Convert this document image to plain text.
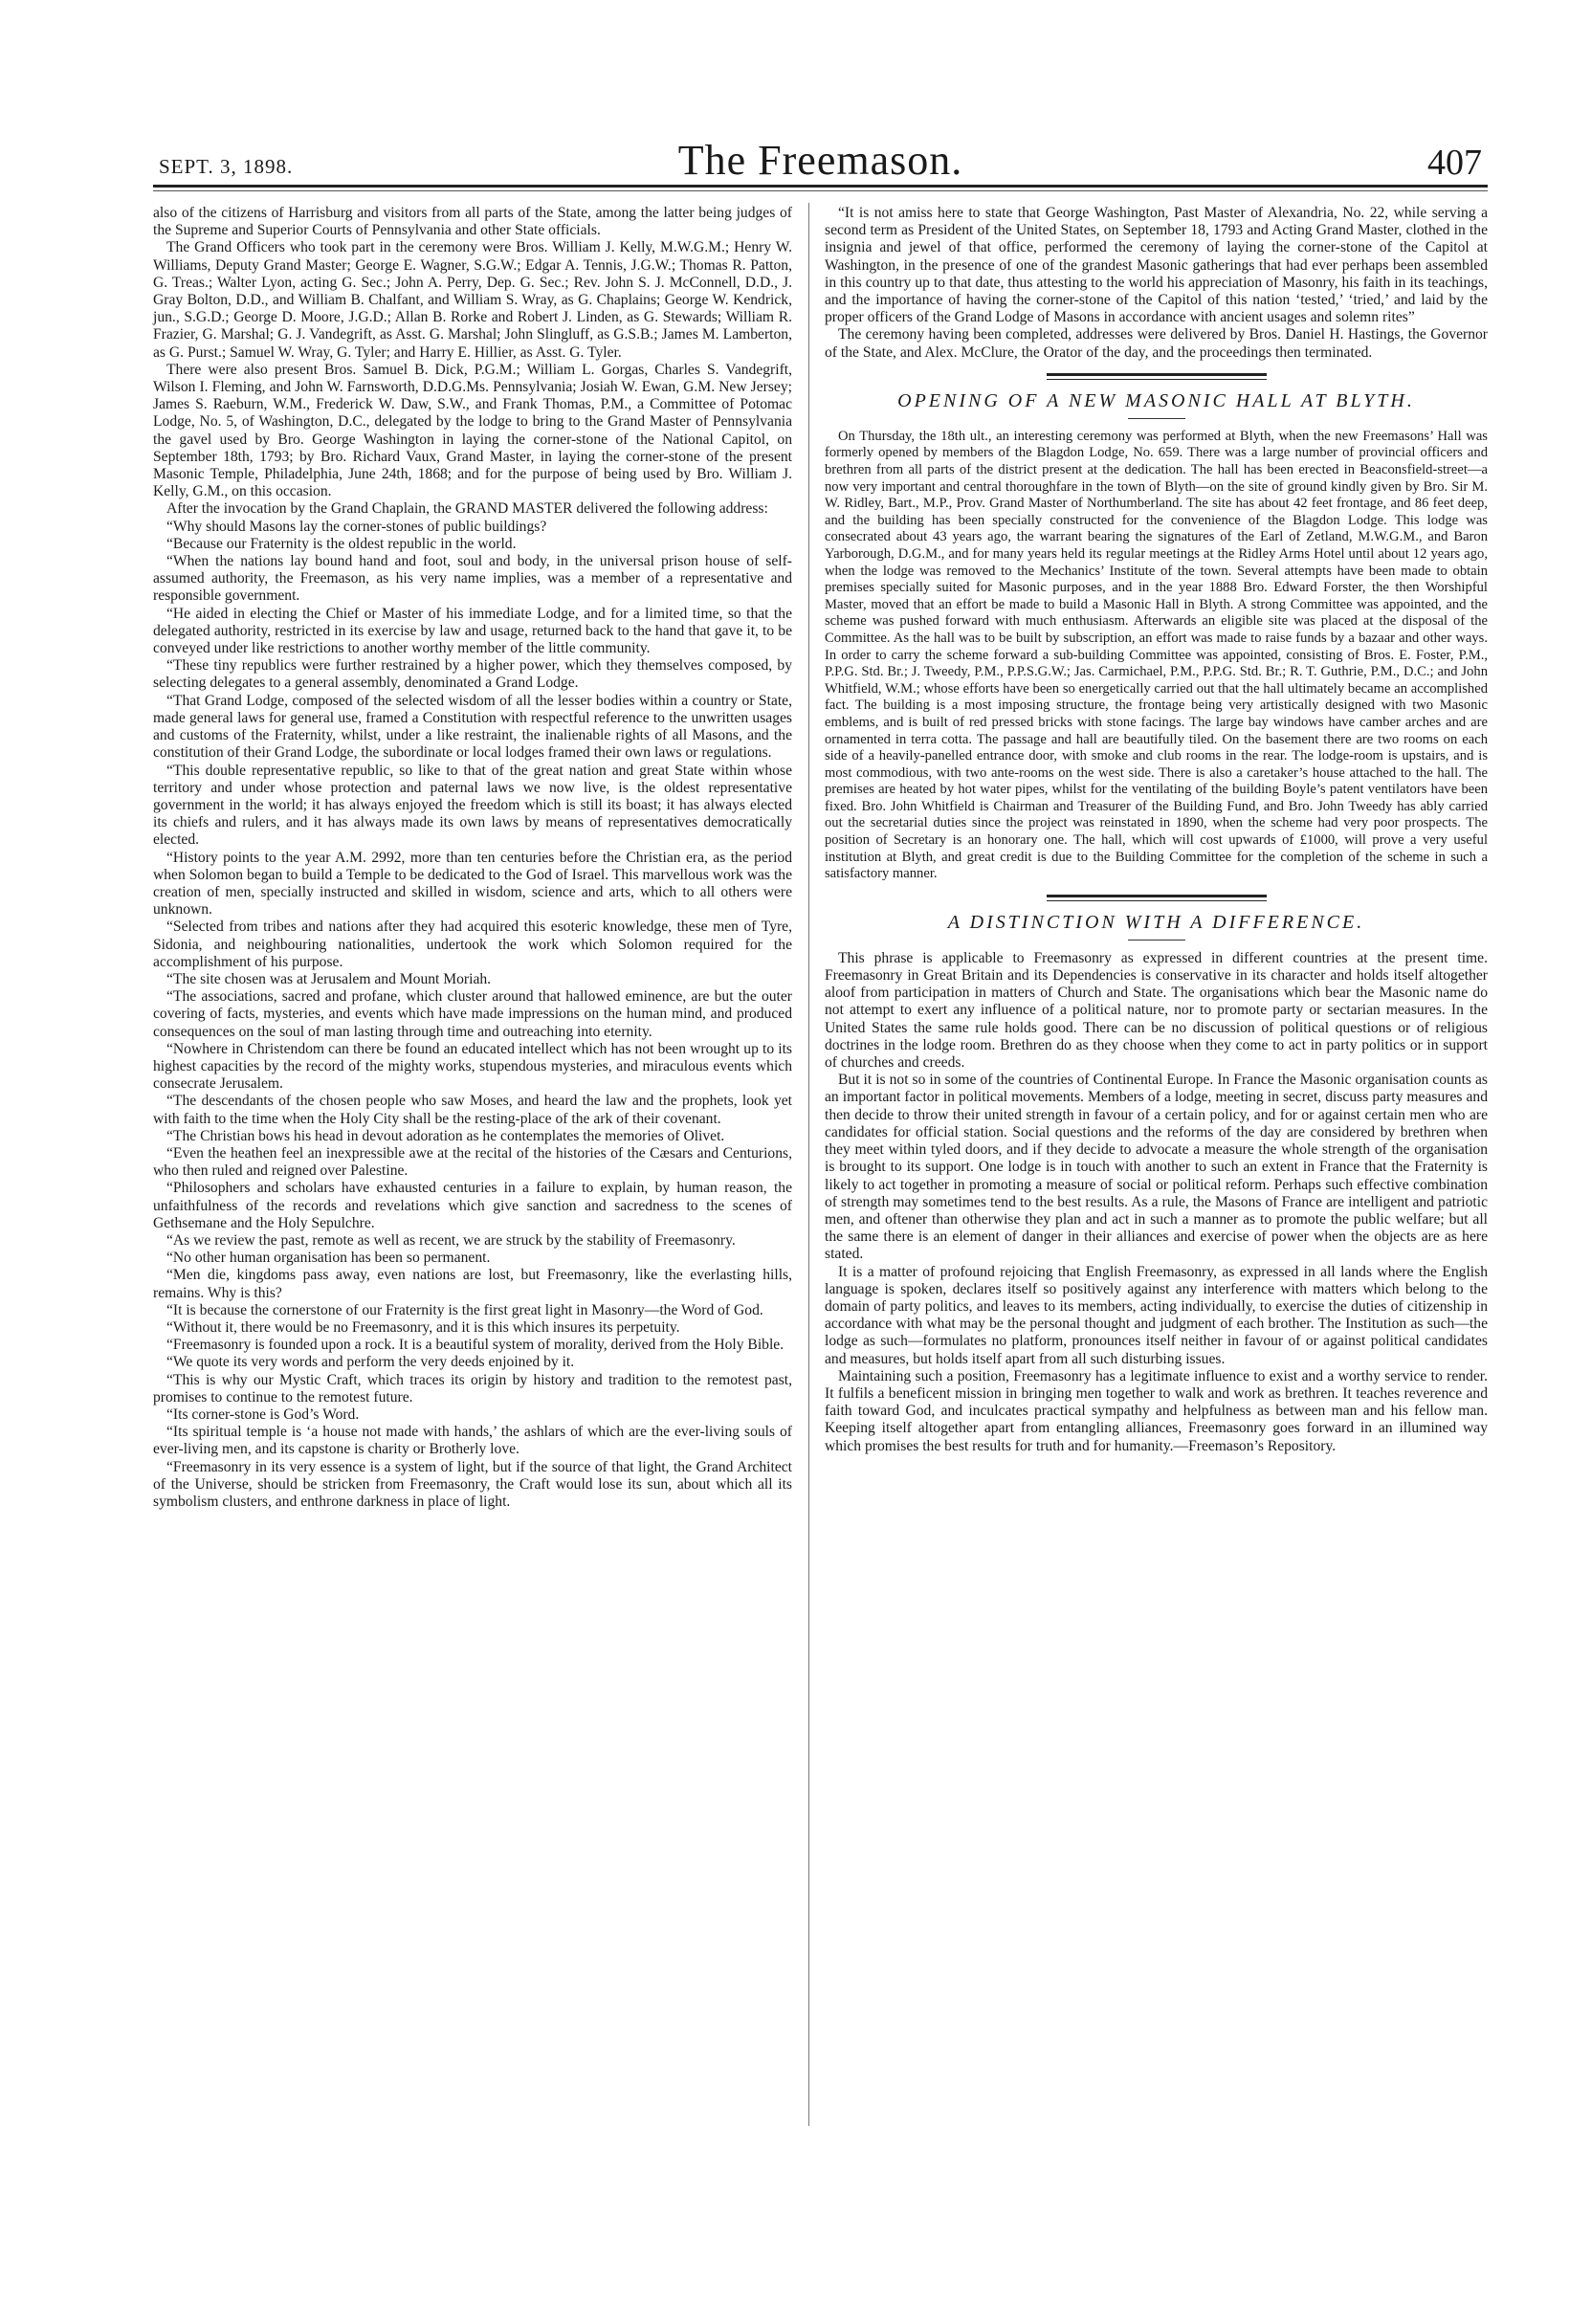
SEPT. 3, 1898.	The Freemason.	407

also of the citizens of Harrisburg and visitors from all parts of the State, among the latter being judges of the Supreme and Superior Courts of Pennsylvania and other State officials.

The Grand Officers who took part in the ceremony were Bros. William J. Kelly, M.W.G.M.; Henry W. Williams, Deputy Grand Master; George E. Wagner, S.G.W.; Edgar A. Tennis, J.G.W.; Thomas R. Patton, G. Treas.; Walter Lyon, acting G. Sec.; John A. Perry, Dep. G. Sec.; Rev. John S. J. McConnell, D.D., J. Gray Bolton, D.D., and William B. Chalfant, and William S. Wray, as G. Chaplains; George W. Kendrick, jun., S.G.D.; George D. Moore, J.G.D.; Allan B. Rorke and Robert J. Linden, as G. Stewards; William R. Frazier, G. Marshal; G. J. Vandegrift, as Asst. G. Marshal; John Slingluff, as G.S.B.; James M. Lamberton, as G. Purst.; Samuel W. Wray, G. Tyler; and Harry E. Hillier, as Asst. G. Tyler.

There were also present Bros. Samuel B. Dick, P.G.M.; William L. Gorgas, Charles S. Vandegrift, Wilson I. Fleming, and John W. Farnsworth, D.D.G.Ms. Pennsylvania; Josiah W. Ewan, G.M. New Jersey; James S. Raeburn, W.M., Frederick W. Daw, S.W., and Frank Thomas, P.M., a Committee of Potomac Lodge, No. 5, of Washington, D.C., delegated by the lodge to bring to the Grand Master of Pennsylvania the gavel used by Bro. George Washington in laying the corner-stone of the National Capitol, on September 18th, 1793; by Bro. Richard Vaux, Grand Master, in laying the corner-stone of the present Masonic Temple, Philadelphia, June 24th, 1868; and for the purpose of being used by Bro. William J. Kelly, G.M., on this occasion.

After the invocation by the Grand Chaplain, the GRAND MASTER delivered the following address:

“Why should Masons lay the corner-stones of public buildings?

“Because our Fraternity is the oldest republic in the world.

“When the nations lay bound hand and foot, soul and body, in the universal prison house of self-assumed authority, the Freemason, as his very name implies, was a member of a representative and responsible government.

“He aided in electing the Chief or Master of his immediate Lodge, and for a limited time, so that the delegated authority, restricted in its exercise by law and usage, returned back to the hand that gave it, to be conveyed under like restrictions to another worthy member of the little community.

“These tiny republics were further restrained by a higher power, which they themselves composed, by selecting delegates to a general assembly, denominated a Grand Lodge.

“That Grand Lodge, composed of the selected wisdom of all the lesser bodies within a country or State, made general laws for general use, framed a Constitution with respectful reference to the unwritten usages and customs of the Fraternity, whilst, under a like restraint, the inalienable rights of all Masons, and the constitution of their Grand Lodge, the subordinate or local lodges framed their own laws or regulations.

“This double representative republic, so like to that of the great nation and great State within whose territory and under whose protection and paternal laws we now live, is the oldest representative government in the world; it has always enjoyed the freedom which is still its boast; it has always elected its chiefs and rulers, and it has always made its own laws by means of representatives democratically elected.

“History points to the year A.M. 2992, more than ten centuries before the Christian era, as the period when Solomon began to build a Temple to be dedicated to the God of Israel. This marvellous work was the creation of men, specially instructed and skilled in wisdom, science and arts, which to all others were unknown.

“Selected from tribes and nations after they had acquired this esoteric knowledge, these men of Tyre, Sidonia, and neighbouring nationalities, undertook the work which Solomon required for the accomplishment of his purpose.

“The site chosen was at Jerusalem and Mount Moriah.

“The associations, sacred and profane, which cluster around that hallowed eminence, are but the outer covering of facts, mysteries, and events which have made impressions on the human mind, and produced consequences on the soul of man lasting through time and outreaching into eternity.

“Nowhere in Christendom can there be found an educated intellect which has not been wrought up to its highest capacities by the record of the mighty works, stupendous mysteries, and miraculous events which consecrate Jerusalem.

“The descendants of the chosen people who saw Moses, and heard the law and the prophets, look yet with faith to the time when the Holy City shall be the resting-place of the ark of their covenant.

“The Christian bows his head in devout adoration as he contemplates the memories of Olivet.

“Even the heathen feel an inexpressible awe at the recital of the histories of the Cæsars and Centurions, who then ruled and reigned over Palestine.

“Philosophers and scholars have exhausted centuries in a failure to explain, by human reason, the unfaithfulness of the records and revelations which give sanction and sacredness to the scenes of Gethsemane and the Holy Sepulchre.

“As we review the past, remote as well as recent, we are struck by the stability of Freemasonry.

“No other human organisation has been so permanent.

“Men die, kingdoms pass away, even nations are lost, but Freemasonry, like the everlasting hills, remains. Why is this?

“It is because the cornerstone of our Fraternity is the first great light in Masonry—the Word of God.

“Without it, there would be no Freemasonry, and it is this which insures its perpetuity.

“Freemasonry is founded upon a rock. It is a beautiful system of morality, derived from the Holy Bible.

“We quote its very words and perform the very deeds enjoined by it.

“This is why our Mystic Craft, which traces its origin by history and tradition to the remotest past, promises to continue to the remotest future.

“Its corner-stone is God’s Word.

“Its spiritual temple is ‘a house not made with hands,’ the ashlars of which are the ever-living souls of ever-living men, and its capstone is charity or Brotherly love.

“Freemasonry in its very essence is a system of light, but if the source of that light, the Grand Architect of the Universe, should be stricken from Freemasonry, the Craft would lose its sun, about which all its symbolism clusters, and enthrone darkness in place of light.

“It is not amiss here to state that George Washington, Past Master of Alexandria, No. 22, while serving a second term as President of the United States, on September 18, 1793 and Acting Grand Master, clothed in the insignia and jewel of that office, performed the ceremony of laying the corner-stone of the Capitol at Washington, in the presence of one of the grandest Masonic gatherings that had ever perhaps been assembled in this country up to that date, thus attesting to the world his appreciation of Masonry, his faith in its teachings, and the importance of having the corner-stone of the Capitol of this nation ‘tested,’ ‘tried,’ and laid by the proper officers of the Grand Lodge of Masons in accordance with ancient usages and solemn rites”

The ceremony having been completed, addresses were delivered by Bros. Daniel H. Hastings, the Governor of the State, and Alex. McClure, the Orator of the day, and the proceedings then terminated.

OPENING OF A NEW MASONIC HALL AT BLYTH.

On Thursday, the 18th ult., an interesting ceremony was performed at Blyth, when the new Freemasons’ Hall was formerly opened by members of the Blagdon Lodge, No. 659. There was a large number of provincial officers and brethren from all parts of the district present at the dedication. The hall has been erected in Beaconsfield-street—a now very important and central thoroughfare in the town of Blyth—on the site of ground kindly given by Bro. Sir M. W. Ridley, Bart., M.P., Prov. Grand Master of Northumberland. The site has about 42 feet frontage, and 86 feet deep, and the building has been specially constructed for the convenience of the Blagdon Lodge. This lodge was consecrated about 43 years ago, the warrant bearing the signatures of the Earl of Zetland, M.W.G.M., and Baron Yarborough, D.G.M., and for many years held its regular meetings at the Ridley Arms Hotel until about 12 years ago, when the lodge was removed to the Mechanics’ Institute of the town. Several attempts have been made to obtain premises specially suited for Masonic purposes, and in the year 1888 Bro. Edward Forster, the then Worshipful Master, moved that an effort be made to build a Masonic Hall in Blyth. A strong Committee was appointed, and the scheme was pushed forward with much enthusiasm. Afterwards an eligible site was placed at the disposal of the Committee. As the hall was to be built by subscription, an effort was made to raise funds by a bazaar and other ways. In order to carry the scheme forward a sub-building Committee was appointed, consisting of Bros. E. Foster, P.M., P.P.G. Std. Br.; J. Tweedy, P.M., P.P.S.G.W.; Jas. Carmichael, P.M., P.P.G. Std. Br.; R. T. Guthrie, P.M., D.C.; and John Whitfield, W.M.; whose efforts have been so energetically carried out that the hall ultimately became an accomplished fact. The building is a most imposing structure, the frontage being very artistically designed with two Masonic emblems, and is built of red pressed bricks with stone facings. The large bay windows have camber arches and are ornamented in terra cotta. The passage and hall are beautifully tiled. On the basement there are two rooms on each side of a heavily-panelled entrance door, with smoke and club rooms in the rear. The lodge-room is upstairs, and is most commodious, with two ante-rooms on the west side. There is also a caretaker’s house attached to the hall. The premises are heated by hot water pipes, whilst for the ventilating of the building Boyle’s patent ventilators have been fixed. Bro. John Whitfield is Chairman and Treasurer of the Building Fund, and Bro. John Tweedy has ably carried out the secretarial duties since the project was reinstated in 1890, when the scheme had very poor prospects. The position of Secretary is an honorary one. The hall, which will cost upwards of £1000, will prove a very useful institution at Blyth, and great credit is due to the Building Committee for the completion of the scheme in such a satisfactory manner.

A DISTINCTION WITH A DIFFERENCE.

This phrase is applicable to Freemasonry as expressed in different countries at the present time. Freemasonry in Great Britain and its Dependencies is conservative in its character and holds itself altogether aloof from participation in matters of Church and State. The organisations which bear the Masonic name do not attempt to exert any influence of a political nature, nor to promote party or sectarian measures. In the United States the same rule holds good. There can be no discussion of political questions or of religious doctrines in the lodge room. Brethren do as they choose when they come to act in party politics or in support of churches and creeds.

But it is not so in some of the countries of Continental Europe. In France the Masonic organisation counts as an important factor in political movements. Members of a lodge, meeting in secret, discuss party measures and then decide to throw their united strength in favour of a certain policy, and for or against certain men who are candidates for official station. Social questions and the reforms of the day are considered by brethren when they meet within tyled doors, and if they decide to advocate a measure the whole strength of the organisation is brought to its support. One lodge is in touch with another to such an extent in France that the Fraternity is likely to act together in promoting a measure of social or political reform. Perhaps such effective combination of strength may sometimes tend to the best results. As a rule, the Masons of France are intelligent and patriotic men, and oftener than otherwise they plan and act in such a manner as to promote the public welfare; but all the same there is an element of danger in their alliances and exercise of power when the objects are as here stated.

It is a matter of profound rejoicing that English Freemasonry, as expressed in all lands where the English language is spoken, declares itself so positively against any interference with matters which belong to the domain of party politics, and leaves to its members, acting individually, to exercise the duties of citizenship in accordance with what may be the personal thought and judgment of each brother. The Institution as such—the lodge as such—formulates no platform, pronounces itself neither in favour of or against political candidates and measures, but holds itself apart from all such disturbing issues.

Maintaining such a position, Freemasonry has a legitimate influence to exist and a worthy service to render. It fulfils a beneficent mission in bringing men together to walk and work as brethren. It teaches reverence and faith toward God, and inculcates practical sympathy and helpfulness as between man and his fellow man. Keeping itself altogether apart from entangling alliances, Freemasonry goes forward in an illumined way which promises the best results for truth and for humanity.—Freemason’s Repository.
